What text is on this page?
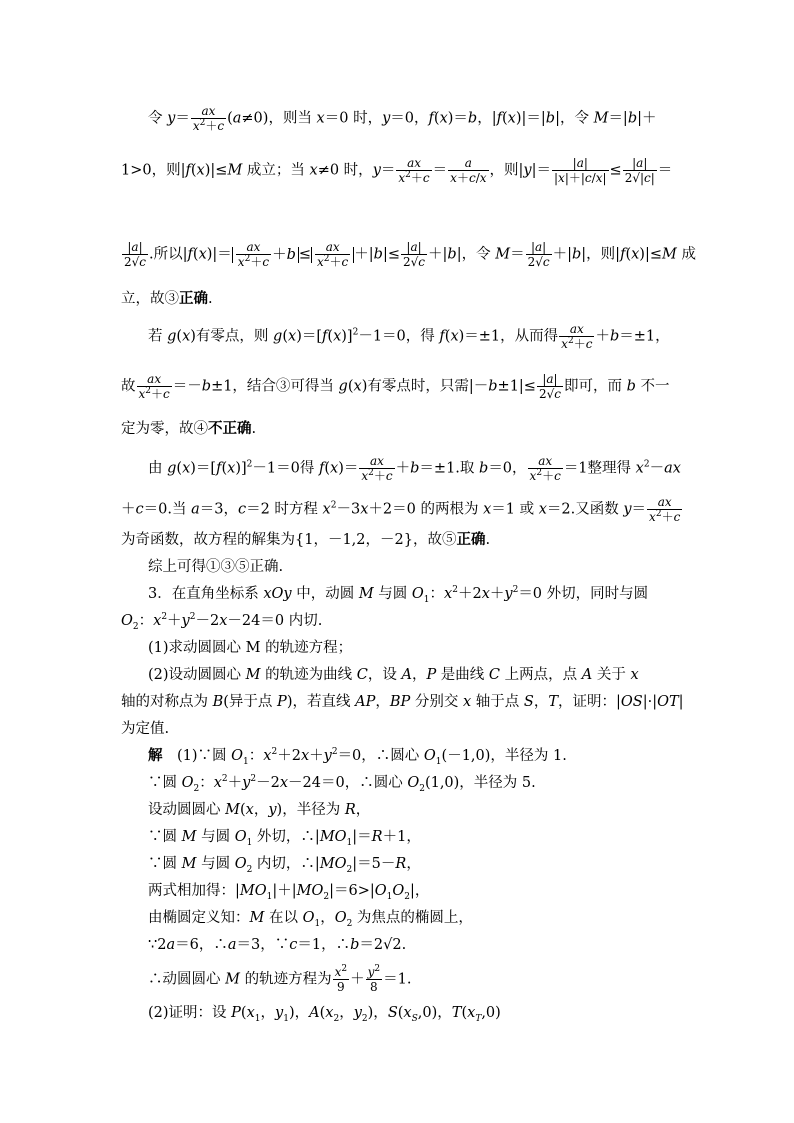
令 $y= \frac{ax}{x^2+c} (a\ne 0)$，则当 x＝0 时，y＝0，f(x)＝b，|f(x)|＝|b|，令 M＝|b|＋
1>0，则|f(x)|≤M 成立；当 x≠0 时，$y= \frac{ax}{x^2+c} = \frac{a}{x+c/x}$ ，则$|y|= \frac{|a|}{|x|+|c/x|} \le \frac{|a|}{2√|c|}$ ＝
$\frac{|a|}{2√c}$ .所以$|f(x)|= \frac{ax}{x^2+c} +b \le \frac{ax}{x^2+c} +|b|\le \frac{|a|}{2√c} +|b|$，令 $M= \frac{|a|}{2√c} +|b|$，则|f(x)|≤M 成
立，故③正确.
若 g(x)有零点，则 $g(x)=[f(x)]^2-1=0$，得 f(x)＝±1，从而得 $\frac{ax}{x^2+c} +b=\pm 1$，
故 $\frac{ax}{x^2+c} =-b\pm 1$，结合③可得当 g(x)有零点时，只需$|-b\pm 1|\le \frac{|a|}{2√c}$ 即可，而 b 不一
定为零，故④不正确.
由 $g(x)=[f(x)]^2-1=0$得 $f(x)= \frac{ax}{x^2+c} +b=\pm 1$.取 b＝0， $\frac{ax}{x^2+c} =1$整理得 $x^2-ax$
＋c＝0.当 a＝3，c＝2 时方程 $x^2-3x+2=0$ 的两根为 x＝1 或 x＝2.又函数 $y= \frac{ax}{x^2+c}$
为奇函数，故方程的解集为{1，－1,2，－2}，故⑤正确.
综上可得①③⑤正确.
3．在直角坐标系 xOy 中，动圆 M 与圆 $O_1$：$x^2+2x+y^2=0$ 外切，同时与圆
$O_2$：$x^2+y^2-2x-24=0$ 内切.
(1)求动圆圆心 M 的轨迹方程；
(2)设动圆圆心 M 的轨迹为曲线 C，设 A，P 是曲线 C 上两点，点 A 关于 x
轴的对称点为 B(异于点 P)，若直线 AP，BP 分别交 x 轴于点 S，T，证明：|OS|·|OT|
为定值.
解　(1)∵圆 $O_1$：$x^2+2x+y^2=0$，∴圆心 $O_1(-1,0)$，半径为 1.
∵圆 $O_2$：$x^2+y^2-2x-24=0$，∴圆心 $O_2(1,0)$，半径为 5.
设动圆圆心 M(x，y)，半径为 R，
∵圆 M 与圆 $O_1$ 外切，$\therefore|MO_1|=R+1$，
∵圆 M 与圆 $O_2$ 内切，$\therefore|MO_2|=5-R$，
两式相加得：$|MO_1|+|MO_2|=6>|O_1O_2|$，
由椭圆定义知：M 在以 $O_1$，$O_2$ 为焦点的椭圆上，
∵2a＝6，∴a＝3，∵c＝1，∴b＝2√2.
∴动圆圆心 M 的轨迹方程为 $\frac{x^2}{9} + \frac{y^2}{8} =1$.
(2)证明：设 $P(x_1$，$y_1$)，$A(x_2$，$y_2$)，$S(x_S,0)$，$T(x_T,0)$
